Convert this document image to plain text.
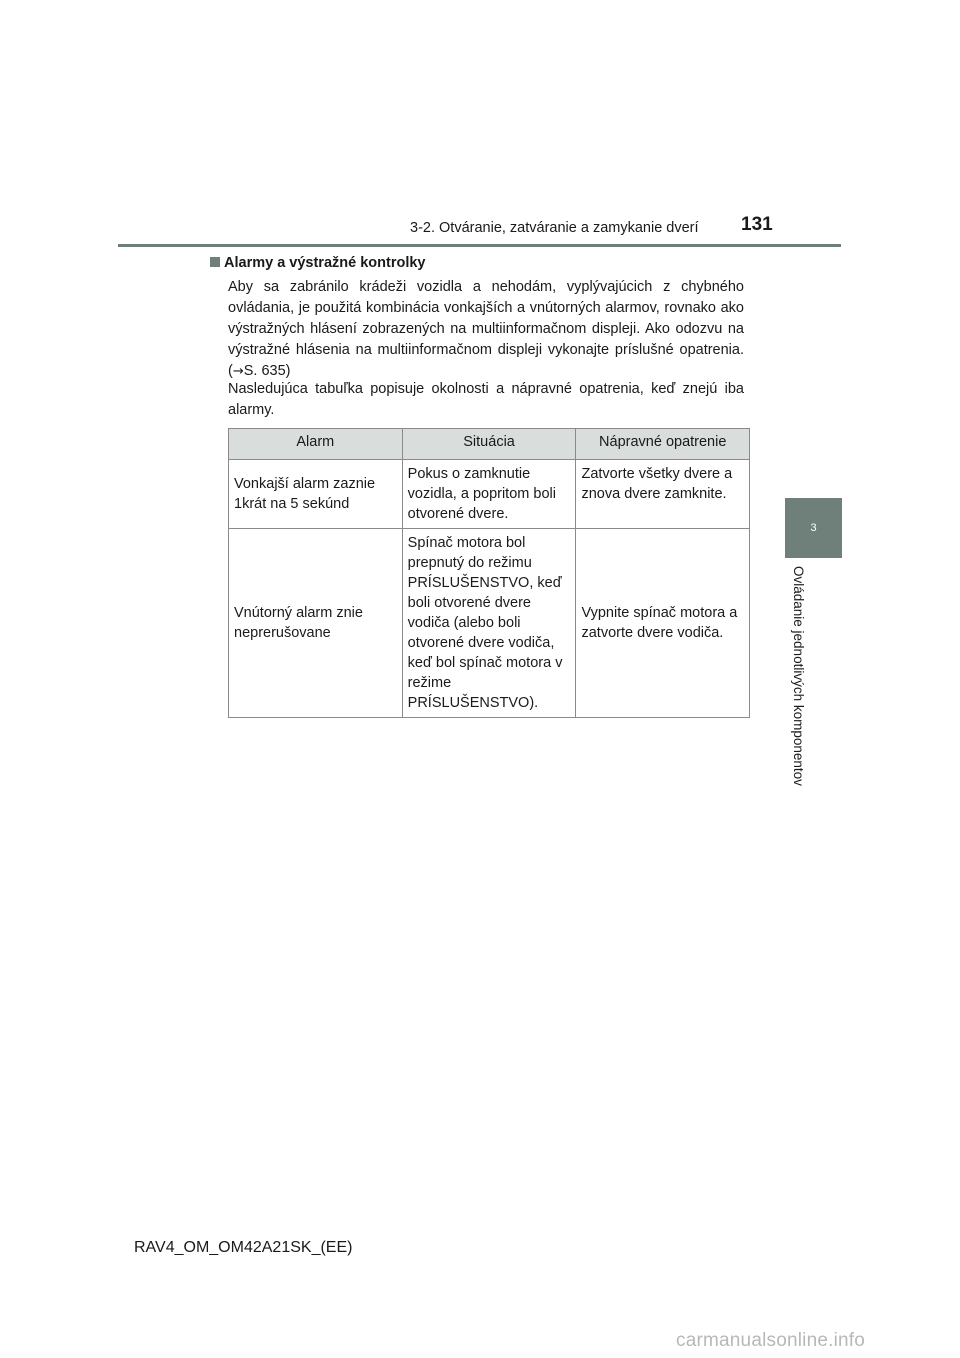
3-2. Otváranie, zatváranie a zamykanie dverí 131
3
Ovládanie jednotlivých komponentov
Alarmy a výstražné kontrolky

Aby sa zabránilo krádeži vozidla a nehodám, vyplývajúcich z chybného ovládania, je použitá kombinácia vonkajších a vnútorných alarmov, rovnako ako výstražných hlásení zobrazených na multiinformačnom displeji. Ako odozvu na výstražné hlásenia na multiinformačnom displeji vykonajte príslušné opatrenia. (→S. 635)

Nasledujúca tabuľka popisuje okolnosti a nápravné opatrenia, keď znejú iba alarmy.

Alarm	Situácia	Nápravné opatrenie
Vonkajší alarm zaznie 1krát na 5 sekúnd	Pokus o zamknutie vozidla, a popritom boli otvorené dvere.	Zatvorte všetky dvere a znova dvere zamknite.
Vnútorný alarm znie neprerušovane	Spínač motora bol prepnutý do režimu PRÍSLUŠENSTVO, keď boli otvorené dvere vodiča (alebo boli otvorené dvere vodiča, keď bol spínač motora v režime PRÍSLUŠENSTVO).	Vypnite spínač motora a zatvorte dvere vodiča.
RAV4_OM_OM42A21SK_(EE)
carmanualsonline.info
